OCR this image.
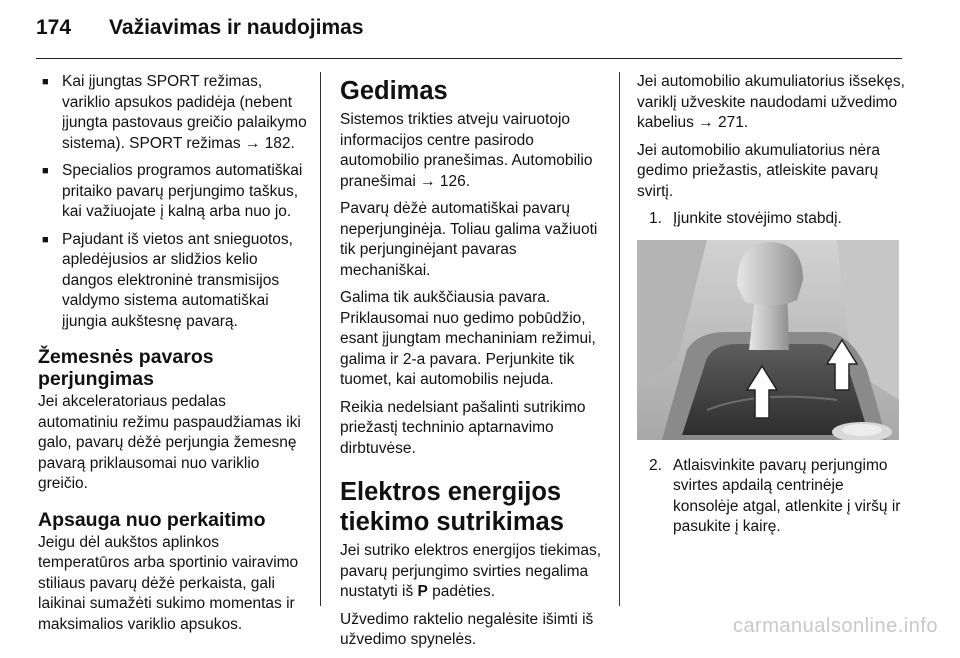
174 Važiavimas ir naudojimas
■ Kai įjungtas SPORT režimas, variklio apsukos padidėja (nebent įjungta pastovaus greičio palaikymo sistema). SPORT režimas → 182.
■ Specialios programos automatiškai pritaiko pavarų perjungimo taškus, kai važiuojate į kalną arba nuo jo.
■ Pajudant iš vietos ant snieguotos, apledėjusios ar slidžios kelio dangos elektroninė transmisijos valdymo sistema automatiškai įjungia aukštesnę pavarą.
Žemesnės pavaros perjungimas

Jei akceleratoriaus pedalas automatiniu režimu paspaudžiamas iki galo, pavarų dėžė perjungia žemesnę pavarą priklausomai nuo variklio greičio.

Apsauga nuo perkaitimo

Jeigu dėl aukštos aplinkos temperatūros arba sportinio vairavimo stiliaus pavarų dėžė perkaista, gali laikinai sumažėti sukimo momentas ir maksimalios variklio apsukos.

Gedimas

Sistemos trikties atveju vairuotojo informacijos centre pasirodo automobilio pranešimas. Automobilio pranešimai → 126.

Pavarų dėžė automatiškai pavarų neperjunginėja. Toliau galima važiuoti tik perjunginėjant pavaras mechaniškai.

Galima tik aukščiausia pavara. Priklausomai nuo gedimo pobūdžio, esant įjungtam mechaniniam režimui, galima ir 2-a pavara. Perjunkite tik tuomet, kai automobilis nejuda.

Reikia nedelsiant pašalinti sutrikimo priežastį techninio aptarnavimo dirbtuvėse.

Elektros energijos tiekimo sutrikimas

Jei sutriko elektros energijos tiekimas, pavarų perjungimo svirties negalima nustatyti iš P padėties.

Užvedimo raktelio negalėsite išimti iš užvedimo spynelės.

Jei automobilio akumuliatorius išsekęs, variklį užveskite naudodami užvedimo kabelius → 271.

Jei automobilio akumuliatorius nėra gedimo priežastis, atleiskite pavarų svirtį.

1. Įjunkite stovėjimo stabdį.
2. Atlaisvinkite pavarų perjungimo svirtes apdailą centrinėje konsolėje atgal, atlenkite į viršų ir pasukite į kairę.
carmanualsonline.info
